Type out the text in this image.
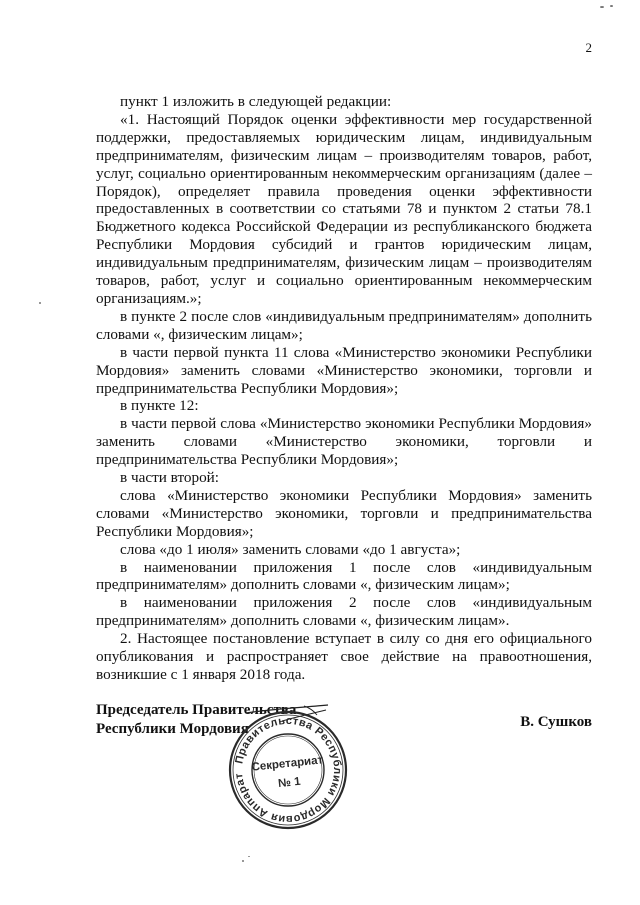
2

пункт 1 изложить в следующей редакции:

«1. Настоящий Порядок оценки эффективности мер государственной поддержки, предоставляемых юридическим лицам, индивидуальным предпринимателям, физическим лицам – производителям товаров, работ, услуг, социально ориентированным некоммерческим организациям (далее – Порядок), определяет правила проведения оценки эффективности предоставленных в соответствии со статьями 78 и пунктом 2 статьи 78.1 Бюджетного кодекса Российской Федерации из республиканского бюджета Республики Мордовия субсидий и грантов юридическим лицам, индивидуальным предпринимателям, физическим лицам – производителям товаров, работ, услуг и социально ориентированным некоммерческим организациям.»;

в пункте 2 после слов «индивидуальным предпринимателям» дополнить словами «, физическим лицам»;

в части первой пункта 11 слова «Министерство экономики Республики Мордовия» заменить словами «Министерство экономики, торговли и предпринимательства Республики Мордовия»;

в пункте 12:

в части первой слова «Министерство экономики Республики Мордовия» заменить словами «Министерство экономики, торговли и предпринимательства Республики Мордовия»;

в части второй:

слова «Министерство экономики Республики Мордовия» заменить словами «Министерство экономики, торговли и предпринимательства Республики Мордовия»;

слова «до 1 июля» заменить словами «до 1 августа»;

в наименовании приложения 1 после слов «индивидуальным предпринимателям» дополнить словами «, физическим лицам»;

в наименовании приложения 2 после слов «индивидуальным предпринимателям» дополнить словами «, физическим лицам».

2. Настоящее постановление вступает в силу со дня его официального опубликования и распространяет свое действие на правоотношения, возникшие с 1 января 2018 года.

Председатель Правительства
Республики Мордовия	В. Сушков
Правительства Республики Мордовия Аппарат
Секретариат
№ 1
